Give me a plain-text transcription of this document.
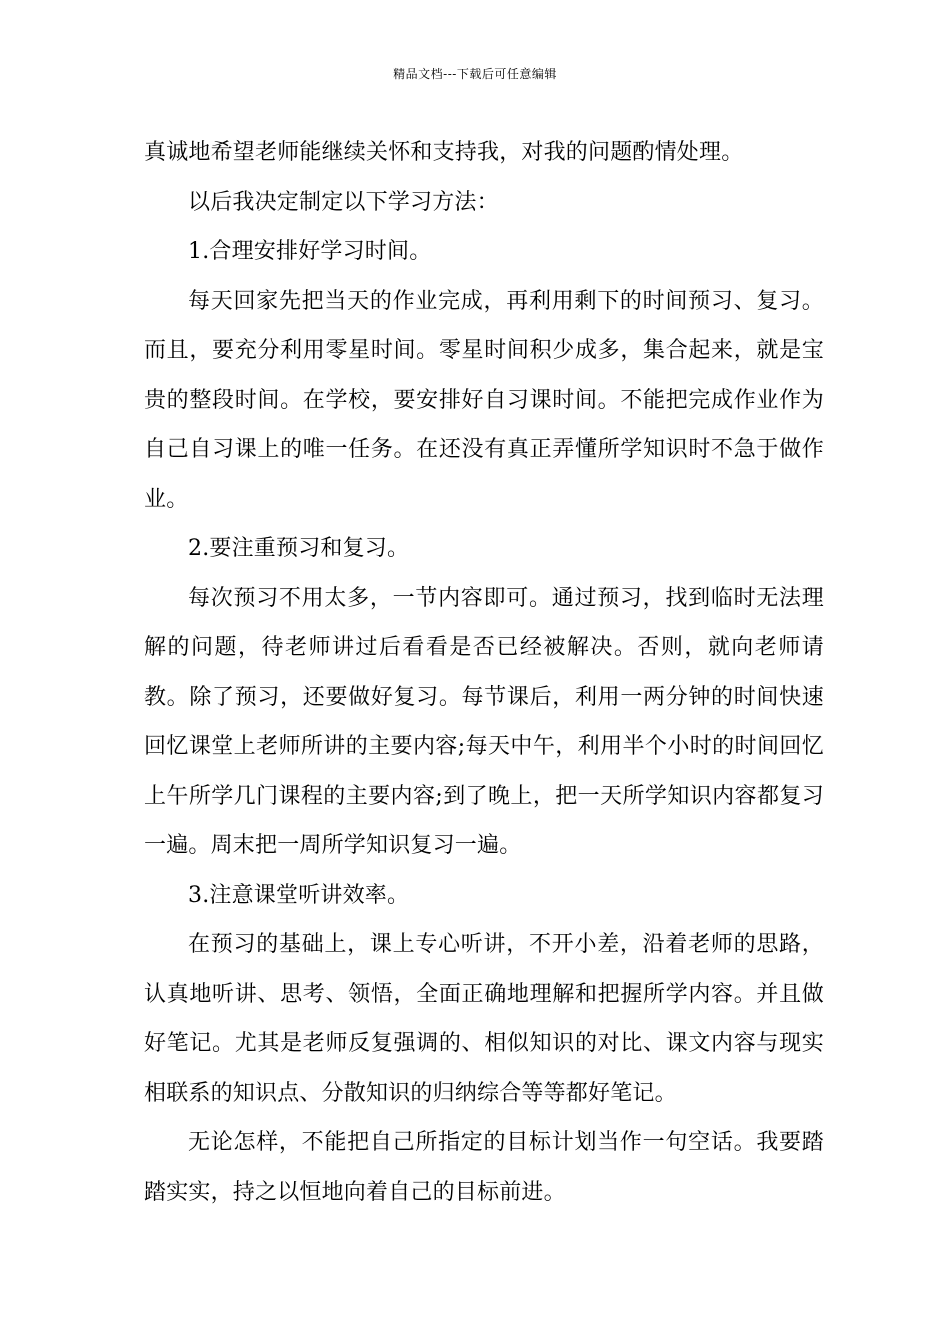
精品文档---下载后可任意编辑

真诚地希望老师能继续关怀和支持我，对我的问题酌情处理。

以后我决定制定以下学习方法：

1.合理安排好学习时间。

每天回家先把当天的作业完成，再利用剩下的时间预习、复习。而且，要充分利用零星时间。零星时间积少成多，集合起来，就是宝贵的整段时间。在学校，要安排好自习课时间。不能把完成作业作为自己自习课上的唯一任务。在还没有真正弄懂所学知识时不急于做作业。

2.要注重预习和复习。

每次预习不用太多，一节内容即可。通过预习，找到临时无法理解的问题，待老师讲过后看看是否已经被解决。否则，就向老师请教。除了预习，还要做好复习。每节课后，利用一两分钟的时间快速回忆课堂上老师所讲的主要内容;每天中午，利用半个小时的时间回忆上午所学几门课程的主要内容;到了晚上，把一天所学知识内容都复习一遍。周末把一周所学知识复习一遍。

3.注意课堂听讲效率。

在预习的基础上，课上专心听讲，不开小差，沿着老师的思路，认真地听讲、思考、领悟，全面正确地理解和把握所学内容。并且做好笔记。尤其是老师反复强调的、相似知识的对比、课文内容与现实相联系的知识点、分散知识的归纳综合等等都好笔记。

无论怎样，不能把自己所指定的目标计划当作一句空话。我要踏踏实实，持之以恒地向着自己的目标前进。
